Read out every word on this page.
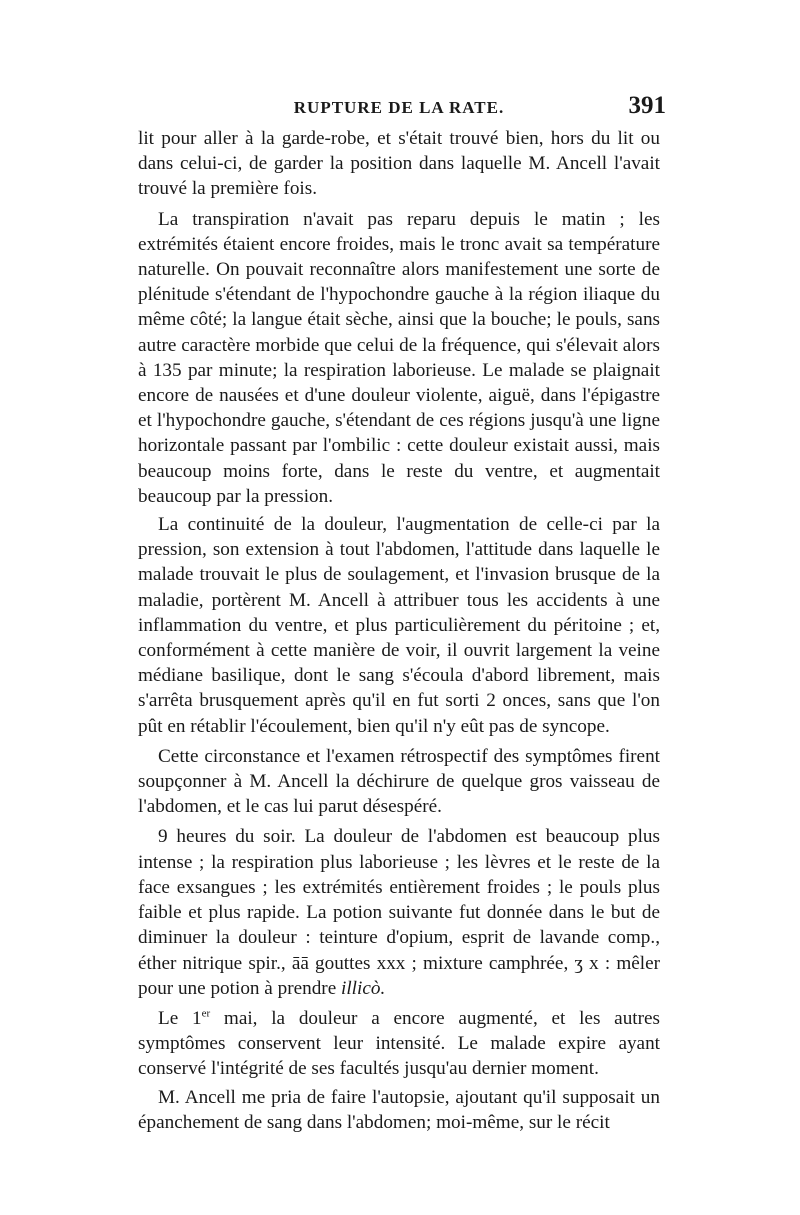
RUPTURE DE LA RATE.	391

lit pour aller à la garde-robe, et s'était trouvé bien, hors du lit ou dans celui-ci, de garder la position dans laquelle M. Ancell l'avait trouvé la première fois.

La transpiration n'avait pas reparu depuis le matin ; les extrémités étaient encore froides, mais le tronc avait sa température naturelle. On pouvait reconnaître alors manifestement une sorte de plénitude s'étendant de l'hypochondre gauche à la région iliaque du même côté; la langue était sèche, ainsi que la bouche; le pouls, sans autre caractère morbide que celui de la fréquence, qui s'élevait alors à 135 par minute; la respiration laborieuse. Le malade se plaignait encore de nausées et d'une douleur violente, aiguë, dans l'épigastre et l'hypochondre gauche, s'étendant de ces régions jusqu'à une ligne horizontale passant par l'ombilic : cette douleur existait aussi, mais beaucoup moins forte, dans le reste du ventre, et augmentait beaucoup par la pression.

La continuité de la douleur, l'augmentation de celle-ci par la pression, son extension à tout l'abdomen, l'attitude dans laquelle le malade trouvait le plus de soulagement, et l'invasion brusque de la maladie, portèrent M. Ancell à attribuer tous les accidents à une inflammation du ventre, et plus particulièrement du péritoine ; et, conformément à cette manière de voir, il ouvrit largement la veine médiane basilique, dont le sang s'écoula d'abord librement, mais s'arrêta brusquement après qu'il en fut sorti 2 onces, sans que l'on pût en rétablir l'écoulement, bien qu'il n'y eût pas de syncope.

Cette circonstance et l'examen rétrospectif des symptômes firent soupçonner à M. Ancell la déchirure de quelque gros vaisseau de l'abdomen, et le cas lui parut désespéré.

9 heures du soir. La douleur de l'abdomen est beaucoup plus intense ; la respiration plus laborieuse ; les lèvres et le reste de la face exsangues ; les extrémités entièrement froides ; le pouls plus faible et plus rapide. La potion suivante fut donnée dans le but de diminuer la douleur : teinture d'opium, esprit de lavande comp., éther nitrique spir., āā gouttes xxx ; mixture camphrée, ʒ x : mêler pour une potion à prendre illicò.

Le 1er mai, la douleur a encore augmenté, et les autres symptômes conservent leur intensité. Le malade expire ayant conservé l'intégrité de ses facultés jusqu'au dernier moment.

M. Ancell me pria de faire l'autopsie, ajoutant qu'il supposait un épanchement de sang dans l'abdomen; moi-même, sur le récit
